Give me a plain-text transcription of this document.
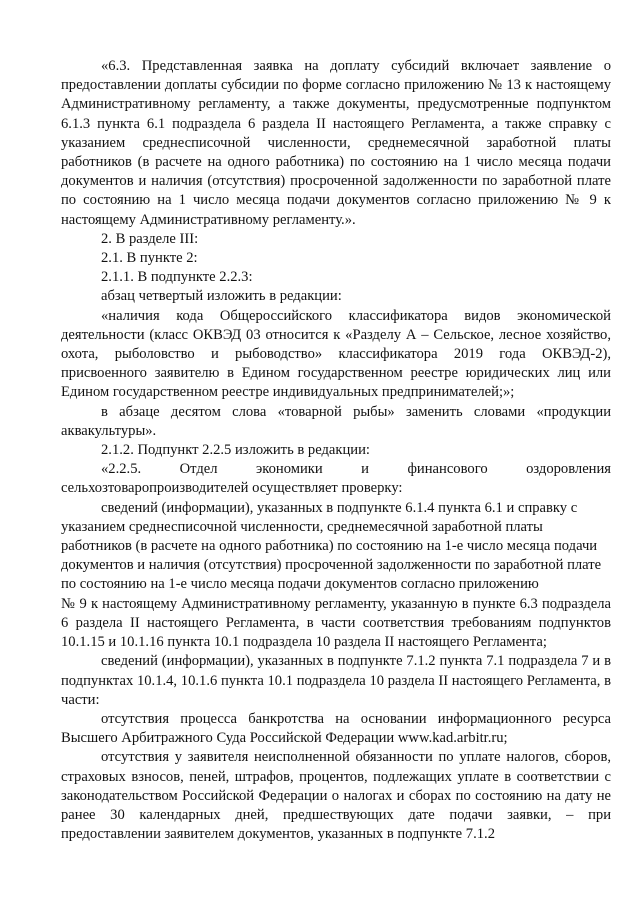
«6.3. Представленная заявка на доплату субсидий включает заявление о предоставлении доплаты субсидии по форме согласно приложению № 13 к настоящему Административному регламенту, а также документы, предусмотренные подпунктом 6.1.3 пункта 6.1 подраздела 6 раздела II настоящего Регламента, а также справку с указанием среднесписочной численности, среднемесячной заработной платы работников (в расчете на одного работника) по состоянию на 1 число месяца подачи документов и наличия (отсутствия) просроченной задолженности по заработной плате по состоянию на 1 число месяца подачи документов согласно приложению № 9 к настоящему Административному регламенту.».

2. В разделе III:

2.1. В пункте 2:

2.1.1. В подпункте 2.2.3:

абзац четвертый изложить в редакции:

«наличия кода Общероссийского классификатора видов экономической деятельности (класс ОКВЭД 03 относится к «Разделу А – Сельское, лесное хозяйство, охота, рыболовство и рыбоводство» классификатора 2019 года ОКВЭД-2), присвоенного заявителю в Едином государственном реестре юридических лиц или Едином государственном реестре индивидуальных предпринимателей;»;

в абзаце десятом слова «товарной рыбы» заменить словами «продукции аквакультуры».

2.1.2. Подпункт 2.2.5 изложить в редакции:

«2.2.5. Отдел экономики и финансового оздоровления сельхозтоваропроизводителей осуществляет проверку:

сведений (информации), указанных в подпункте 6.1.4 пункта 6.1 и справку с указанием среднесписочной численности, среднемесячной заработной платы работников (в расчете на одного работника) по состоянию на 1-е число месяца подачи документов и наличия (отсутствия) просроченной задолженности по заработной плате по состоянию на 1-е число месяца подачи документов согласно приложению

№ 9 к настоящему Административному регламенту, указанную в пункте 6.3 подраздела 6 раздела II настоящего Регламента, в части соответствия требованиям подпунктов 10.1.15 и 10.1.16 пункта 10.1 подраздела 10 раздела II настоящего Регламента;

сведений (информации), указанных в подпункте 7.1.2 пункта 7.1 подраздела 7 и в подпунктах 10.1.4, 10.1.6 пункта 10.1 подраздела 10 раздела II настоящего Регламента, в части:

отсутствия процесса банкротства на основании информационного ресурса Высшего Арбитражного Суда Российской Федерации www.kad.arbitr.ru;

отсутствия у заявителя неисполненной обязанности по уплате налогов, сборов, страховых взносов, пеней, штрафов, процентов, подлежащих уплате в соответствии с законодательством Российской Федерации о налогах и сборах по состоянию на дату не ранее 30 календарных дней, предшествующих дате подачи заявки, – при предоставлении заявителем документов, указанных в подпункте 7.1.2
